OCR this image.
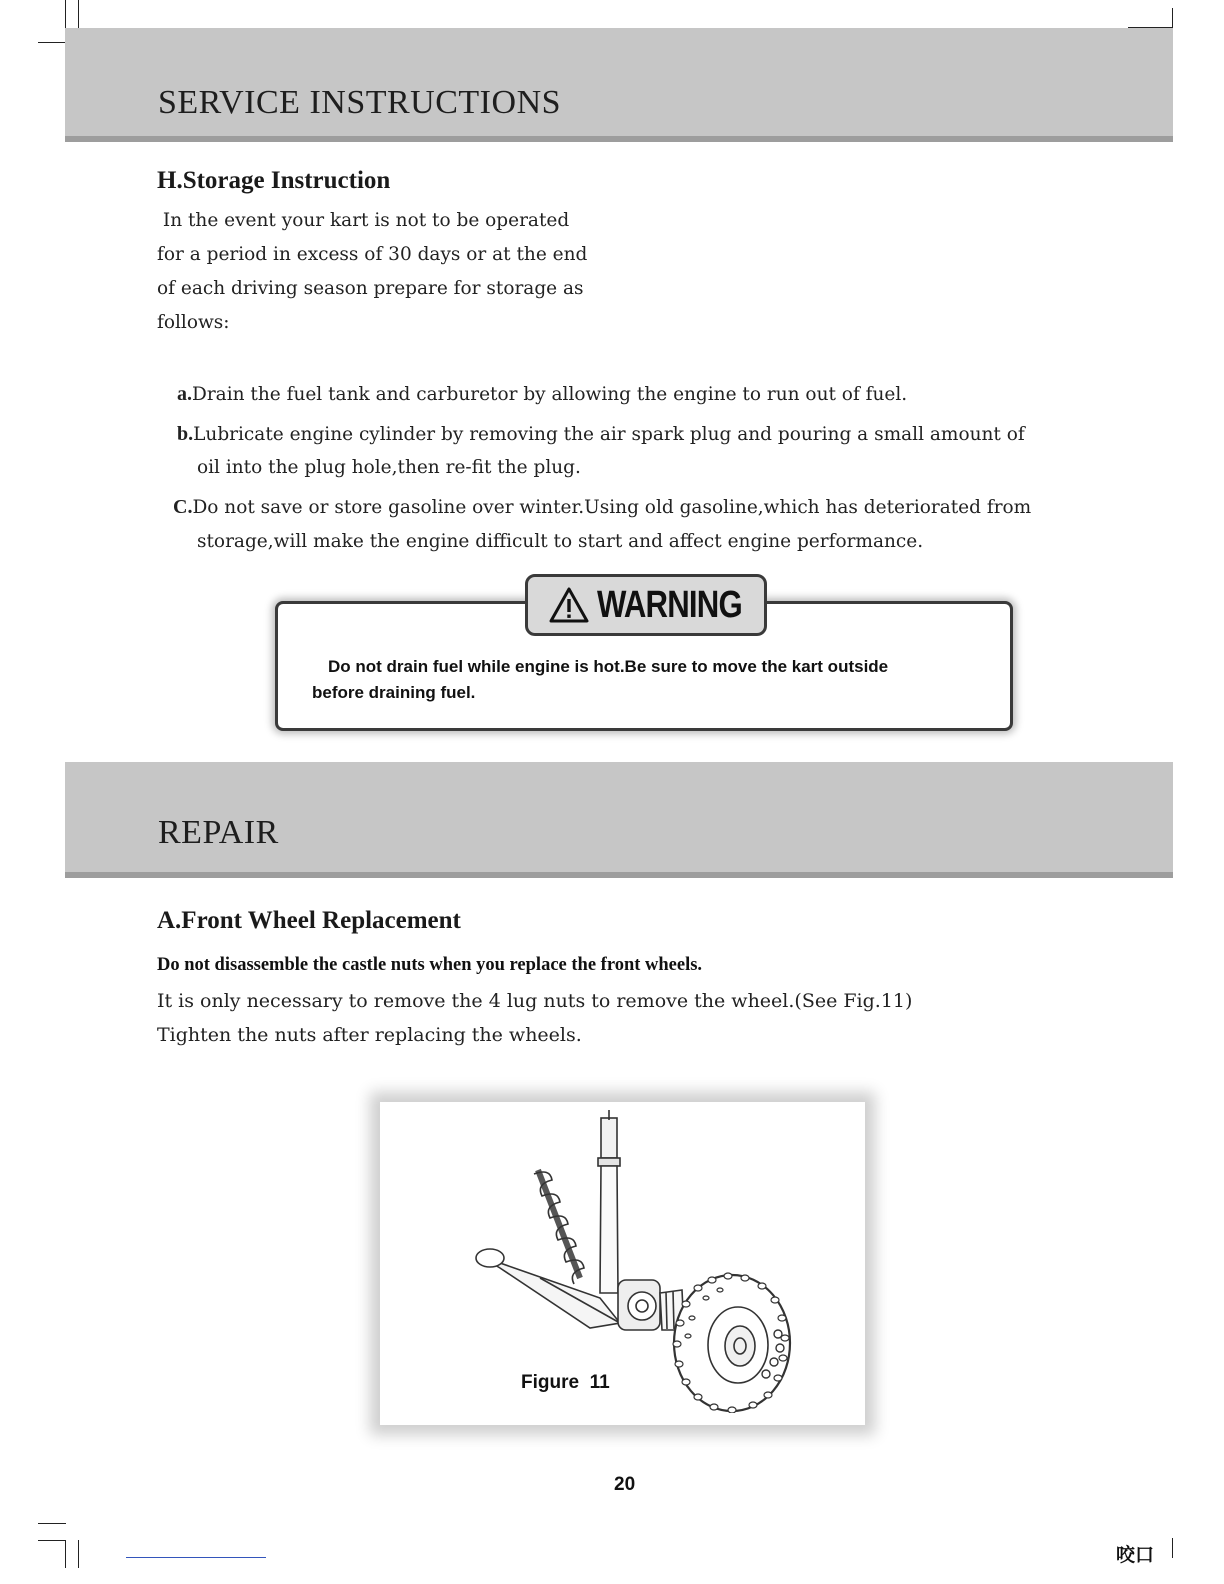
SERVICE INSTRUCTIONS
H.Storage Instruction
In the event your kart is not to be operated
for a period in excess of 30 days or at the end
of each driving season prepare for storage as
follows:
a.Drain the fuel tank and carburetor by allowing the engine to run out of fuel.
b.Lubricate engine cylinder by removing the air spark plug and pouring a small amount of
oil into the plug hole,then re-fit the plug.
C.Do not save or store gasoline over winter.Using old gasoline,which has deteriorated from
storage,will make the engine difficult to start and affect engine performance.
WARNING
Do not drain fuel while engine is hot.Be sure to move the kart outside
before draining fuel.
REPAIR
A.Front Wheel Replacement
Do not disassemble the castle nuts when you replace the front wheels.
It is only necessary to remove the 4 lug nuts to remove the wheel.(See Fig.11)
Tighten the nuts after replacing the wheels.
Figure  11
20
咬口
